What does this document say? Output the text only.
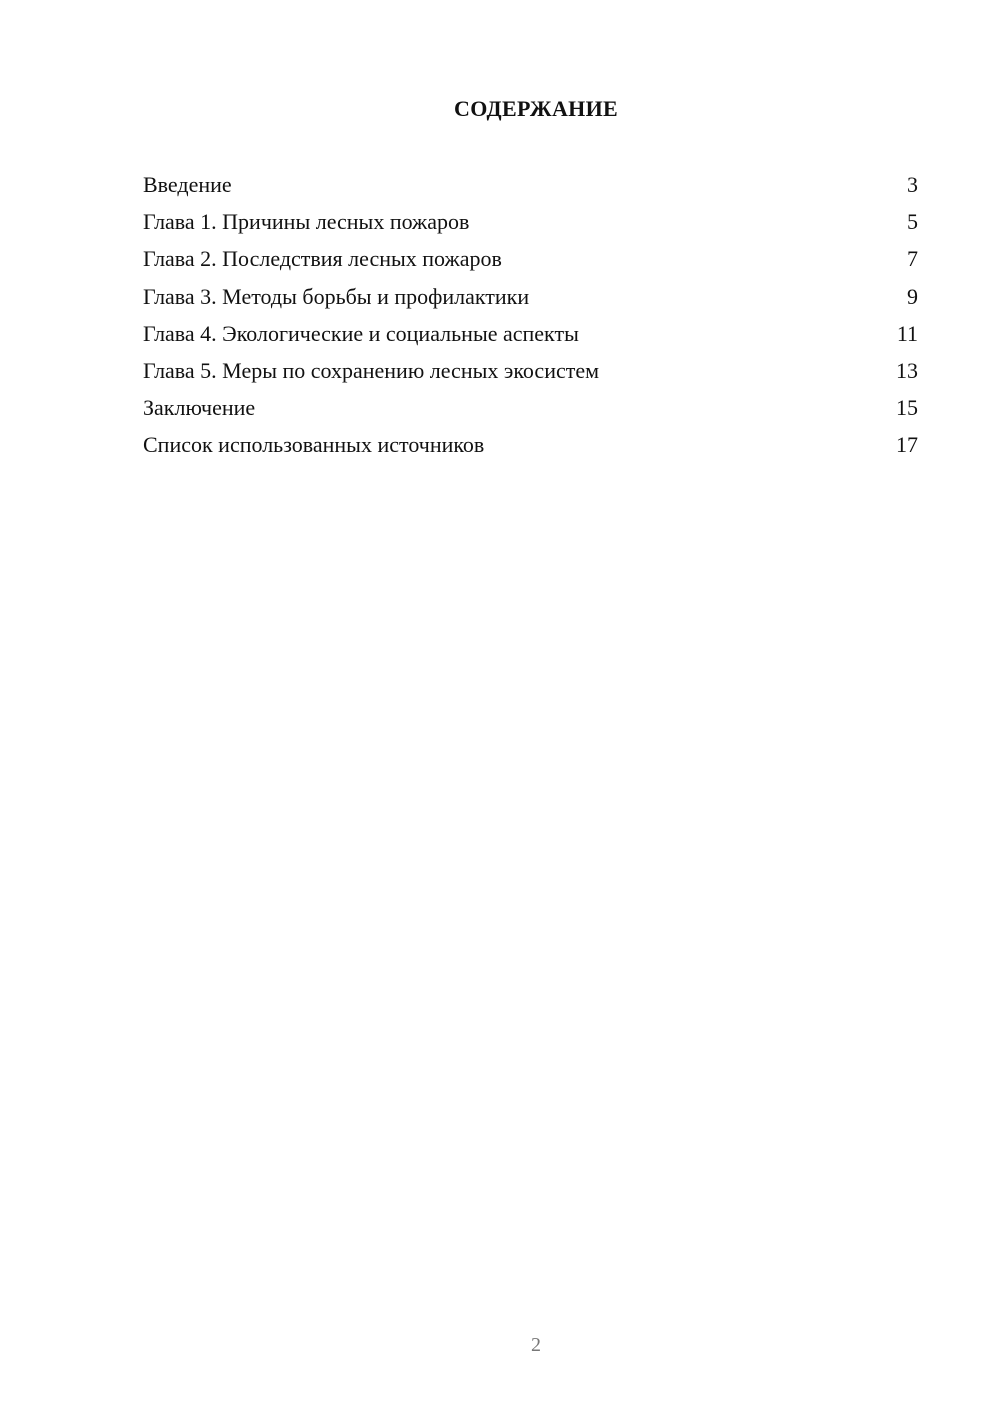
СОДЕРЖАНИЕ
Введение	3
Глава 1. Причины лесных пожаров	5
Глава 2. Последствия лесных пожаров	7
Глава 3. Методы борьбы и профилактики	9
Глава 4. Экологические и социальные аспекты	11
Глава 5. Меры по сохранению лесных экосистем	13
Заключение	15
Список использованных источников	17
2
